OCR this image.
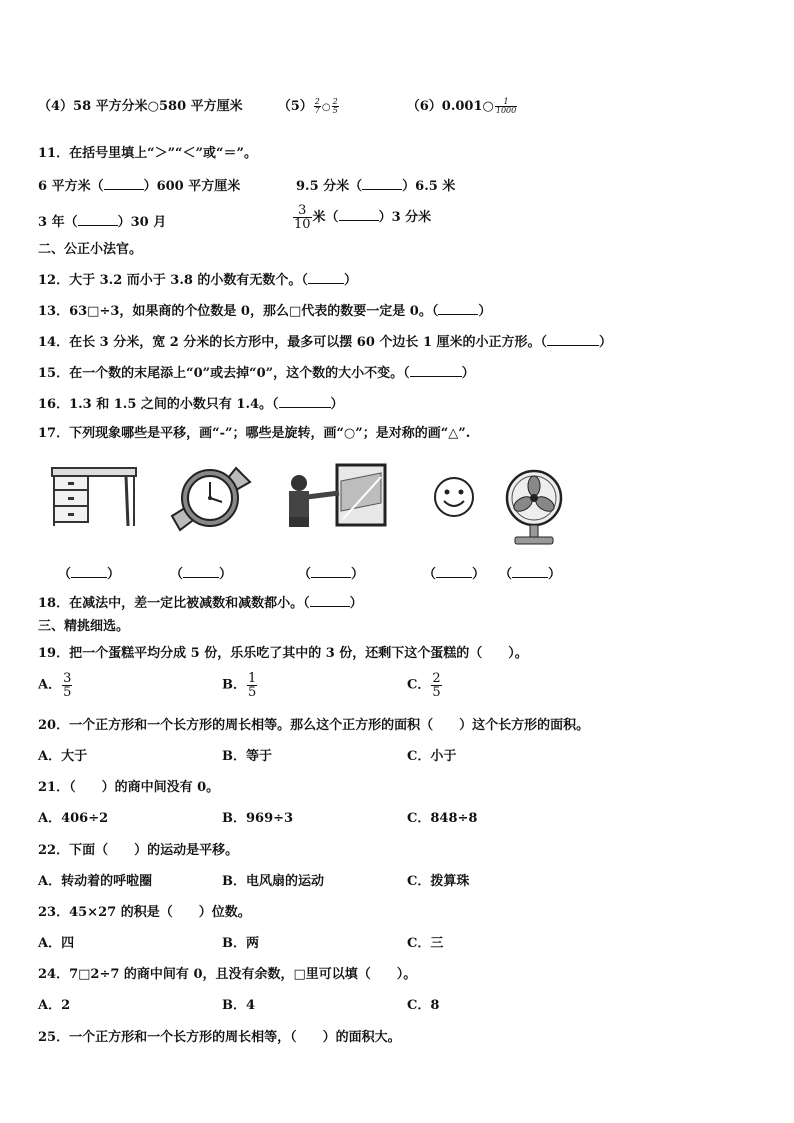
（4）58 平方分米○580 平方厘米	$(5) \frac{2}{7}$ ○ $\frac{2}{5}$	（6）0.001○ $\frac{1}{1000}$
11．在括号里填上“＞”“＜”或“＝”。
6 平方米（	）600 平方厘米	9.5 分米（	）6.5 米
3 年（	）30 月	$\frac{3}{10}$ 米（	）3 分米
二、公正小法官。
12．大于 3.2 而小于 3.8 的小数有无数个。（	）
13．63□÷3，如果商的个位数是 0，那么□代表的数要一定是 0。（	）
14．在长 3 分米，宽 2 分米的长方形中，最多可以摆 60 个边长 1 厘米的小正方形。（	）
15．在一个数的末尾添上“0”或去掉“0”，这个数的大小不变。（	）
16．1.3 和 1.5 之间的小数只有 1.4。（	）
17．下列现象哪些是平移，画“-”；哪些是旋转，画“○”；是对称的画“△”.
（	）	（	）	（	）	（	） （	）
18．在减法中，差一定比被减数和减数都小。（	）
三、精挑细选。
19．把一个蛋糕平均分成 5 份，乐乐吃了其中的 3 份，还剩下这个蛋糕的（　　）。
A． $\frac{3}{5}$	B． $\frac{1}{5}$	C． $\frac{2}{5}$
20．一个正方形和一个长方形的周长相等。那么这个正方形的面积（　　）这个长方形的面积。
A．大于	B．等于	C．小于
21．（　　）的商中间没有 0。
A．406÷2	B．969÷3	C．848÷8
22．下面（　　）的运动是平移。
A．转动着的呼啦圈	B．电风扇的运动	C．拨算珠
23．45×27 的积是（　　）位数。
A．四	B．两	C．三
24．7□2÷7 的商中间有 0，且没有余数，□里可以填（　　）。
A．2	B．4	C．8
25．一个正方形和一个长方形的周长相等，（　　）的面积大。
